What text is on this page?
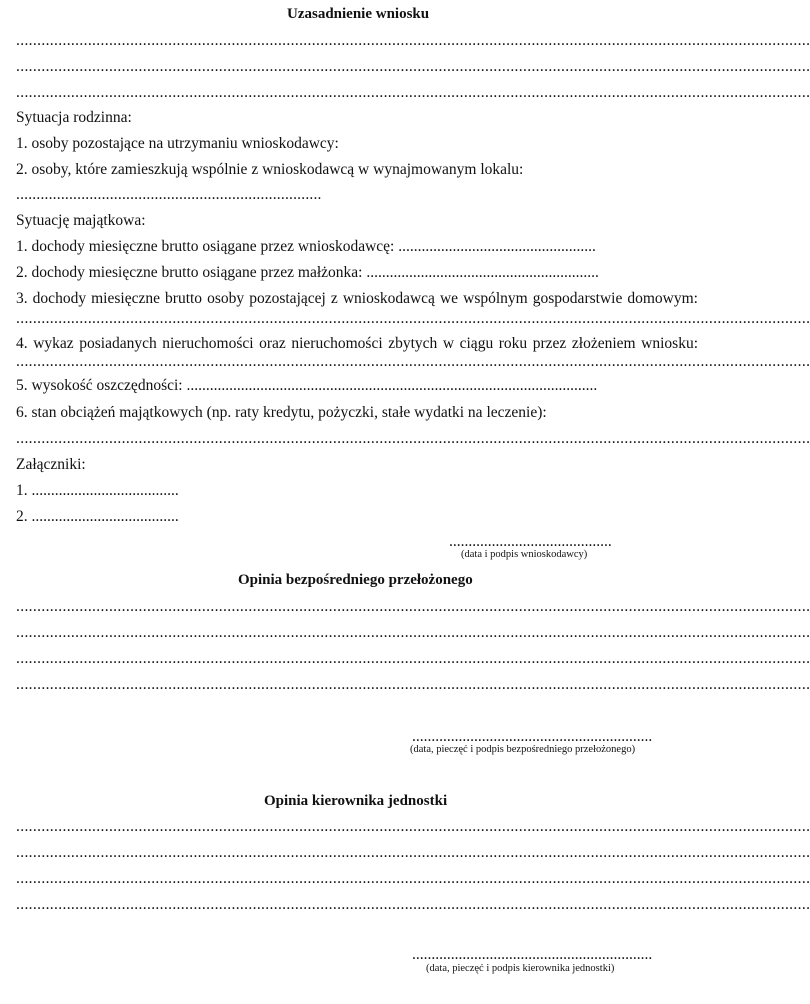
Uzasadnienie wniosku
............................................................................................................................................................................................
............................................................................................................................................................................................
............................................................................................................................................................................................
Sytuacja rodzinna:
1. osoby pozostające na utrzymaniu wnioskodawcy:
2. osoby, które zamieszkują wspólnie z wnioskodawcą w wynajmowanym lokalu:
...........................................................................
Sytuację majątkowa:
1. dochody miesięczne brutto osiągane przez wnioskodawcę: ...................................................
2. dochody miesięczne brutto osiągane przez małżonka: ............................................................
3. dochody miesięczne brutto osoby pozostającej z wnioskodawcą we wspólnym gospodarstwie domowym:
............................................................................................................................................................................................
4. wykaz posiadanych nieruchomości oraz nieruchomości zbytych w ciągu roku przez złożeniem wniosku:
............................................................................................................................................................................................
5. wysokość oszczędności: ..........................................................................................................
6. stan obciążeń majątkowych (np. raty kredytu, pożyczki, stałe wydatki na leczenie):
............................................................................................................................................................................................
Załączniki:
1. ......................................
2. ......................................
..........................................
(data i podpis wnioskodawcy)
Opinia bezpośredniego przełożonego
............................................................................................................................................................................................
............................................................................................................................................................................................
............................................................................................................................................................................................
............................................................................................................................................................................................
..............................................................
(data, pieczęć i podpis bezpośredniego przełożonego)
Opinia kierownika jednostki
............................................................................................................................................................................................
............................................................................................................................................................................................
............................................................................................................................................................................................
............................................................................................................................................................................................
..............................................................
(data, pieczęć i podpis kierownika jednostki)
